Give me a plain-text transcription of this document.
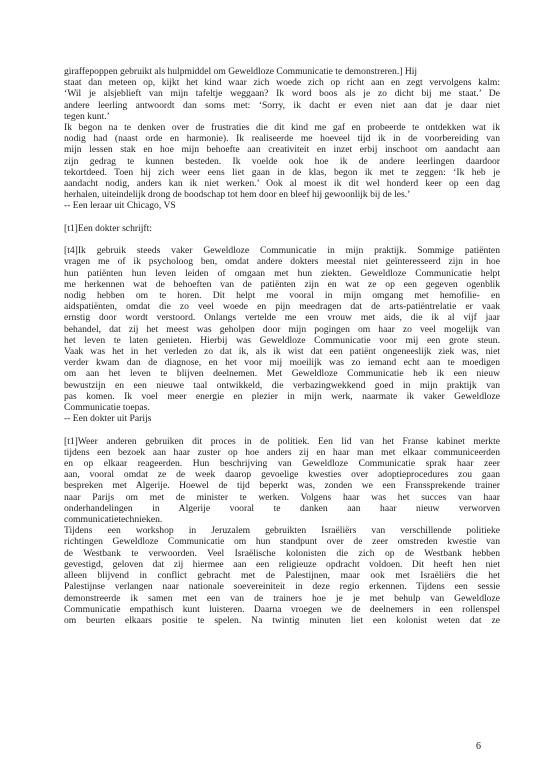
giraffepoppen gebruikt als hulpmiddel om Geweldloze Communicatie te demonstreren.] Hij
staat dan meteen op, kijkt het kind waar zich woede zich op richt aan en zegt vervolgens kalm:
‘Wil je alsjeblieft van mijn tafeltje weggaan? Ik word boos als je zo dicht bij me staat.’ De
andere leerling antwoordt dan soms met: ‘Sorry, ik dacht er even niet aan dat je daar niet
tegen kunt.’
Ik begon na te denken over de frustraties die dit kind me gaf en probeerde te ontdekken wat ik
nodig had (naast orde en harmonie). Ik realiseerde me hoeveel tijd ik in de voorbereiding van
mijn lessen stak en hoe mijn behoefte aan creativiteit en inzet erbij inschoot om aandacht aan
zijn gedrag te kunnen besteden. Ik voelde ook hoe ik de andere leerlingen daardoor
tekortdeed. Toen hij zich weer eens liet gaan in de klas, begon ik met te zeggen: ‘Ik heb je
aandacht nodig, anders kan ik niet werken.’ Ook al moest ik dit wel honderd keer op een dag
herhalen, uiteindelijk drong de boodschap tot hem door en bleef hij gewoonlijk bij de les.’
-- Een leraar uit Chicago, VS
[t1]Een dokter schrijft:
[t4]Ik gebruik steeds vaker Geweldloze Communicatie in mijn praktijk. Sommige patiënten
vragen me of ik psycholoog ben, omdat andere dokters meestal niet geïnteresseerd zijn in hoe
hun patiënten hun leven leiden of omgaan met hun ziekten. Geweldloze Communicatie helpt
me herkennen wat de behoeften van de patiënten zijn en wat ze op een gegeven ogenblik
nodig hebben om te horen. Dit helpt me vooral in mijn omgang met hemofilie- en
aidspatiënten, omdat die zo veel woede en pijn meedragen dat de arts-patiëntrelatie er vaak
ernstig door wordt verstoord. Onlangs vertelde me een vrouw met aids, die ik al vijf jaar
behandel, dat zij het meest was geholpen door mijn pogingen om haar zo veel mogelijk van
het leven te laten genieten. Hierbij was Geweldloze Communicatie voor mij een grote steun.
Vaak was het in het verleden zo dat ik, als ik wist dat een patiënt ongeneeslijk ziek was, niet
verder kwam dan de diagnose, en het voor mij moeilijk was zo iemand echt aan te moedigen
om aan het leven te blijven deelnemen. Met Geweldloze Communicatie heb ik een nieuw
bewustzijn en een nieuwe taal ontwikkeld, die verbazingwekkend goed in mijn praktijk van
pas komen. Ik voel meer energie en plezier in mijn werk, naarmate ik vaker Geweldloze
Communicatie toepas.
-- Een dokter uit Parijs
[t1]Weer anderen gebruiken dit proces in de politiek. Een lid van het Franse kabinet merkte
tijdens een bezoek aan haar zuster op hoe anders zij en haar man met elkaar communiceerden
en op elkaar reageerden. Hun beschrijving van Geweldloze Communicatie sprak haar zeer
aan, vooral omdat ze de week daarop gevoelige kwesties over adoptieprocedures zou gaan
bespreken met Algerije. Hoewel de tijd beperkt was, zonden we een Franssprekende trainer
naar Parijs om met de minister te werken. Volgens haar was het succes van haar
onderhandelingen in Algerije vooral te danken aan haar nieuw verworven
communicatietechnieken.
Tijdens een workshop in Jeruzalem gebruikten Israëliërs van verschillende politieke
richtingen Geweldloze Communicatie om hun standpunt over de zeer omstreden kwestie van
de Westbank te verwoorden. Veel Israëlische kolonisten die zich op de Westbank hebben
gevestigd, geloven dat zij hiermee aan een religieuze opdracht voldoen. Dit heeft hen niet
alleen blijvend in conflict gebracht met de Palestijnen, maar ook met Israëliërs die het
Palestijnse verlangen naar nationale soevereiniteit in deze regio erkennen. Tijdens een sessie
demonstreerde ik samen met een van de trainers hoe je je met behulp van Geweldloze
Communicatie empathisch kunt luisteren. Daarna vroegen we de deelnemers in een rollenspel
om beurten elkaars positie te spelen. Na twintig minuten liet een kolonist weten dat ze
6
